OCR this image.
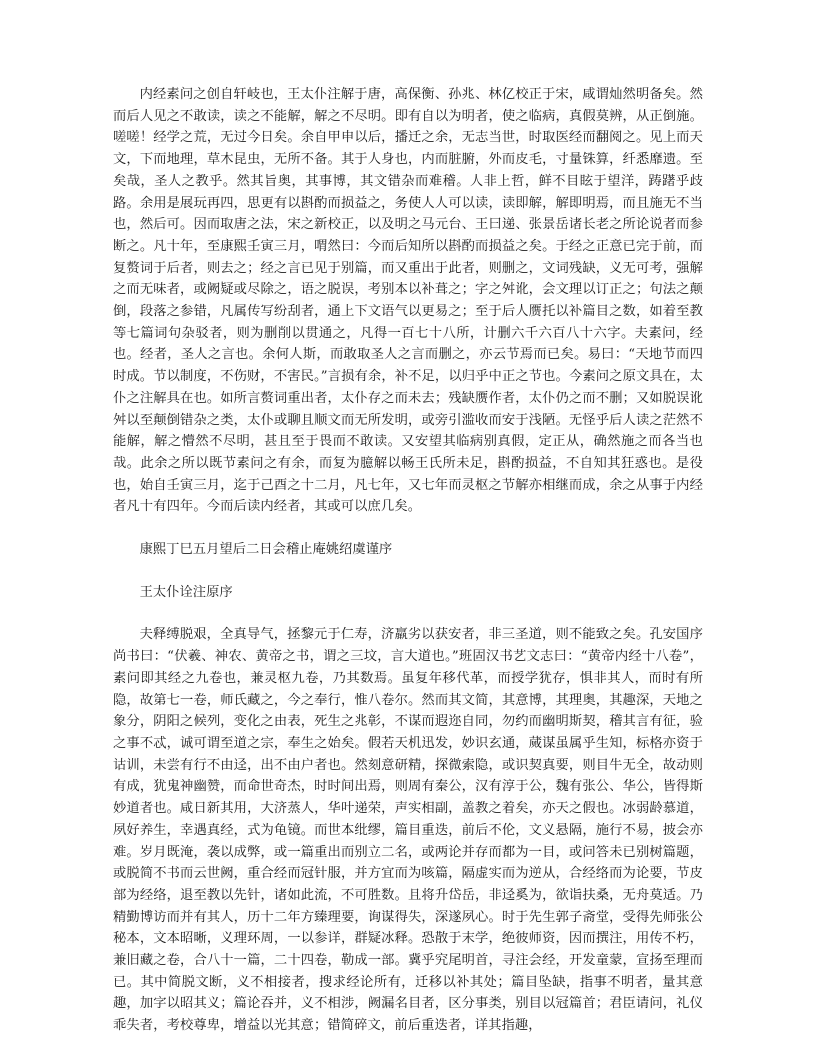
内经素问之创自轩岐也，王太仆注解于唐，高保衡、孙兆、林亿校正于宋，咸谓灿然明备矣。然而后人见之不敢读，读之不能解，解之不尽明。即有自以为明者，使之临病，真假莫辨，从正倒施。嗟嗟！经学之荒，无过今日矣。余自甲申以后，播迁之余，无志当世，时取医经而翻阅之。见上而天文，下而地理，草木昆虫，无所不备。其于人身也，内而脏腑，外而皮毛，寸量铢算，纤悉靡遗。至矣哉，圣人之教乎。然其旨奥，其事博，其文错杂而难稽。人非上哲，鲜不目眩于望洋，踌躇乎歧路。余用是展玩再四，思更有以斟酌而损益之，务使人人可以读，读即解，解即明焉，而且施无不当也，然后可。因而取唐之法，宋之新校正，以及明之马元台、王曰递、张景岳诸长老之所论说者而参断之。凡十年，至康熙壬寅三月，喟然曰：今而后知所以斟酌而损益之矣。于经之正意已完于前，而复赘词于后者，则去之；经之言已见于别篇，而又重出于此者，则删之，文词残缺，义无可考，强解之而无味者，或阙疑或尽除之，语之脱误，考别本以补葺之；字之舛讹，会文理以订正之；句法之颠倒，段落之参错，凡属传写纷刮者，通上下文语气以更易之；至于后人赝托以补篇目之数，如着至教等七篇词句杂驳者，则为删削以贯通之，凡得一百七十八所，计删六千六百八十六字。夫素问，经也。经者，圣人之言也。余何人斯，而敢取圣人之言而删之，亦云节焉而已矣。易曰：“天地节而四时成。节以制度，不伤财，不害民。”言损有余，补不足，以归乎中正之节也。今素问之原文具在，太仆之注解具在也。如所言赘词重出者，太仆存之而未去；残缺赝作者，太仆仍之而不删；又如脱误讹舛以至颠倒错杂之类，太仆或聊且顺文而无所发明，或旁引滥收而安于浅陋。无怪乎后人读之茫然不能解，解之懵然不尽明，甚且至于畏而不敢读。又安望其临病别真假，定正从，确然施之而各当也哉。此余之所以既节素问之有余，而复为臆解以畅王氏所未足，斟酌损益，不自知其狂惑也。是役也，始自壬寅三月，迄于己酉之十二月，凡七年，又七年而灵枢之节解亦相继而成，余之从事于内经者凡十有四年。今而后读内经者，其或可以庶几矣。

康熙丁巳五月望后二日会稽止庵姚绍虞谨序

王太仆诠注原序

夫释缚脱艰，全真导气，拯黎元于仁寿，济羸劣以获安者，非三圣道，则不能致之矣。孔安国序尚书曰：“伏羲、神农、黄帝之书，谓之三坟，言大道也。”班固汉书艺文志曰：“黄帝内经十八卷”，素问即其经之九卷也，兼灵枢九卷，乃其数焉。虽复年移代革，而授学犹存，惧非其人，而时有所隐，故第七一卷，师氏藏之，今之奉行，惟八卷尔。然而其文简，其意博，其理奥，其趣深，天地之象分，阴阳之候列，变化之由表，死生之兆彰，不谋而遐迩自同，勿约而幽明斯契，稽其言有征，验之事不忒，诚可谓至道之宗，奉生之始矣。假若天机迅发，妙识玄通，蒇谋虽属乎生知，标格亦资于诂训，未尝有行不由迳，出不由户者也。然刻意研精，探微索隐，或识契真要，则目牛无全，故动则有成，犹鬼神幽赞，而命世奇杰，时时间出焉，则周有秦公，汉有淳于公，魏有张公、华公，皆得斯妙道者也。咸日新其用，大济蒸人，华叶递荣，声实相副，盖教之着矣，亦天之假也。冰弱龄慕道，夙好养生，幸遇真经，式为龟镜。而世本纰缪，篇目重迭，前后不伦，文义悬隔，施行不易，披会亦难。岁月既淹，袭以成弊，或一篇重出而别立二名，或两论并存而都为一目，或问答未已别树篇题，或脱简不书而云世阙，重合经而冠针服，并方宜而为咳篇，隔虚实而为逆从，合经络而为论要，节皮部为经络，退至教以先针，诸如此流，不可胜数。且将升岱岳，非迳奚为，欲诣扶桑，无舟莫适。乃精勤博访而并有其人，历十二年方臻理要，询谋得失，深遂夙心。时于先生郭子斋堂，受得先师张公秘本，文本昭晰，义理环周，一以参详，群疑冰释。恐散于末学，绝彼师资，因而撰注，用传不朽，兼旧藏之卷，合八十一篇，二十四卷，勒成一部。冀乎究尾明首，寻注会经，开发童蒙，宣扬至理而已。其中简脱文断，义不相接者，搜求经论所有，迁移以补其处；篇目坠缺，指事不明者，量其意趣，加字以昭其义；篇论吞并，义不相涉，阙漏名目者，区分事类，别目以冠篇首；君臣请问，礼仪乖失者，考校尊卑，增益以光其意；错简碎文，前后重迭者，详其指趣，
